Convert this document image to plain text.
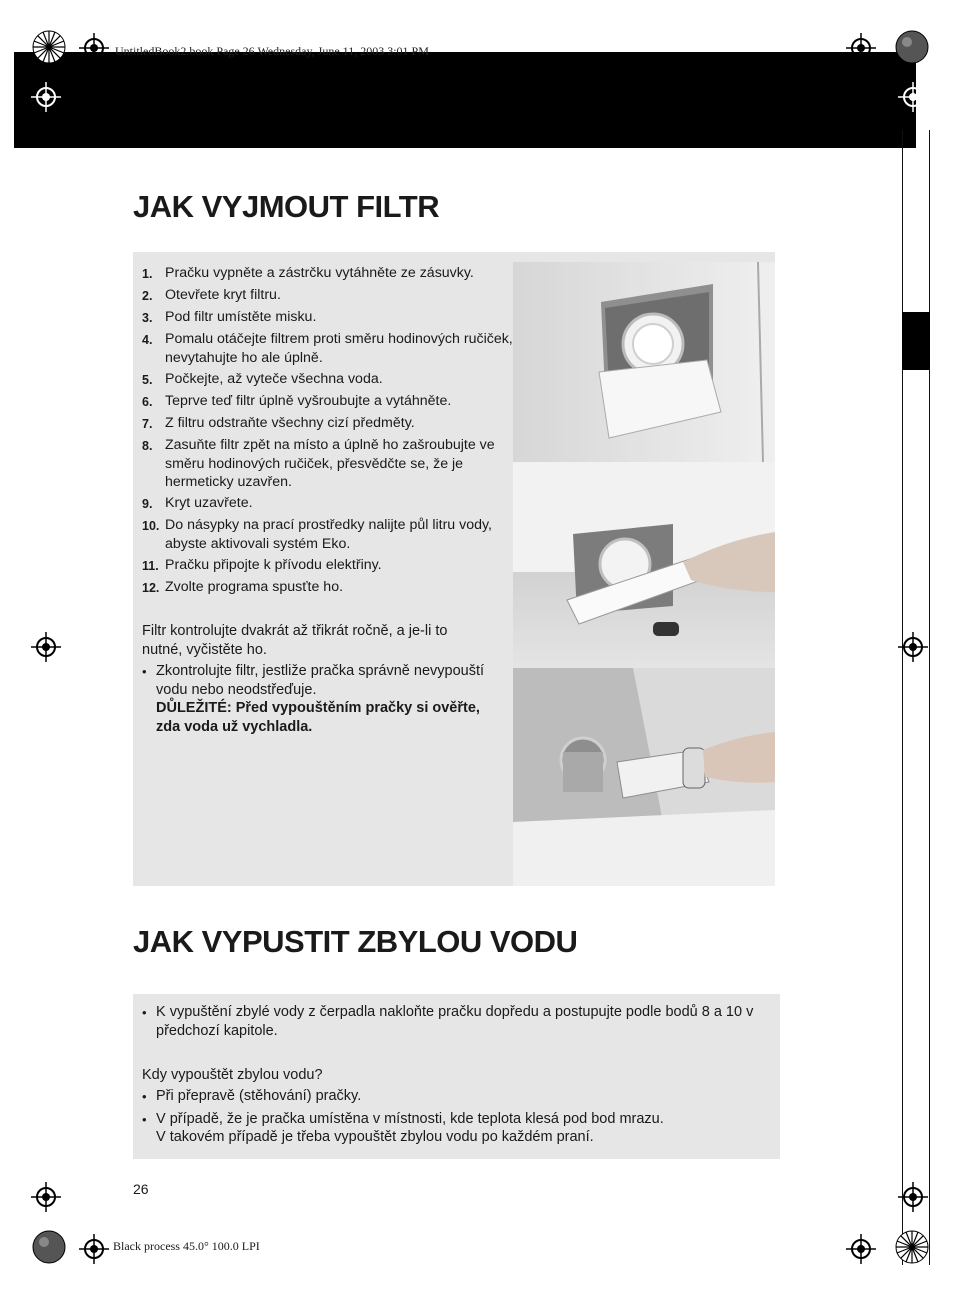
UntitledBook2.book Page 26 Wednesday, June 11, 2003 3:01 PM
JAK VYJMOUT FILTR
1. Pračku vypněte a zástrčku vytáhněte ze zásuvky.
2. Otevřete kryt filtru.
3. Pod filtr umístěte misku.
4. Pomalu otáčejte filtrem proti směru hodinových ručiček, nevytahujte ho ale úplně.
5. Počkejte, až vyteče všechna voda.
6. Teprve teď filtr úplně vyšroubujte a vytáhněte.
7. Z filtru odstraňte všechny cizí předměty.
8. Zasuňte filtr zpět na místo a úplně ho zašroubujte ve směru hodinových ručiček, přesvědčte se, že je hermeticky uzavřen.
9. Kryt uzavřete.
10. Do násypky na prací prostředky nalijte půl litru vody, abyste aktivovali systém Eko.
11. Pračku připojte k přívodu elektřiny.
12. Zvolte programa spusťte ho.
Filtr kontrolujte dvakrát až třikrát ročně, a je-li to nutné, vyčistěte ho.
• Zkontrolujte filtr, jestliže pračka správně nevypouští vodu nebo neodstřeďuje.
DŮLEŽITÉ: Před vypouštěním pračky si ověřte, zda voda už vychladla.
JAK VYPUSTIT ZBYLOU VODU
• K vypuštění zbylé vody z čerpadla nakloňte pračku dopředu a postupujte podle bodů 8 a 10 v předchozí kapitole.
Kdy vypouštět zbylou vodu?
• Při přepravě (stěhování) pračky.
• V případě, že je pračka umístěna v místnosti, kde teplota klesá pod bod mrazu.
V takovém případě je třeba vypouštět zbylou vodu po každém praní.
26
Black process 45.0° 100.0 LPI
